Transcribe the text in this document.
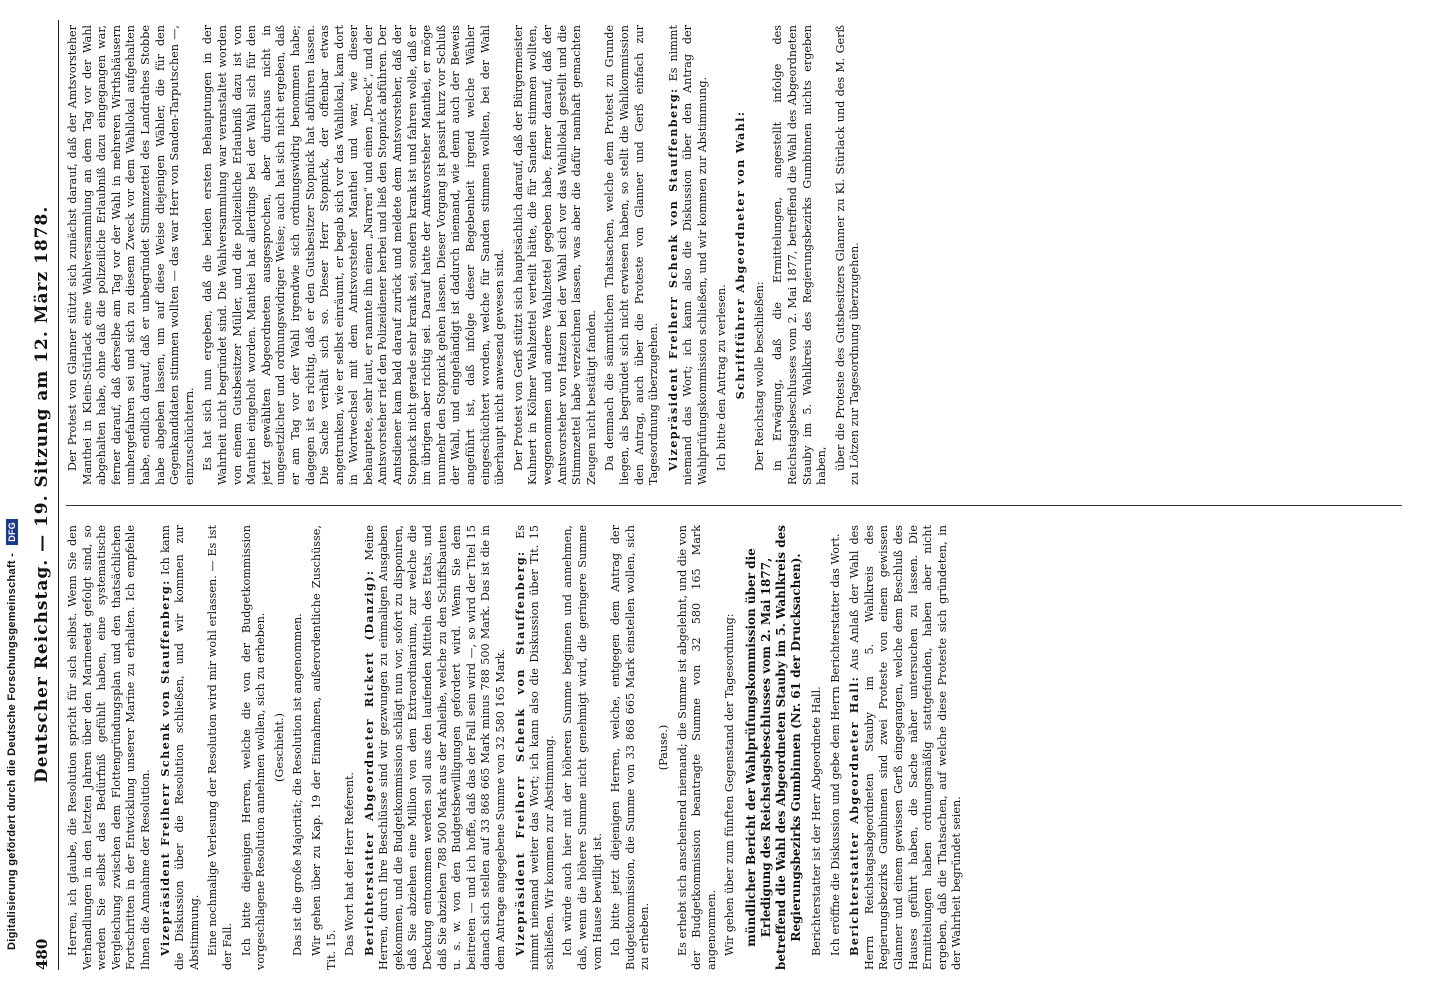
Digitalisierung gefördert durch die Deutsche Forschungsgemeinschaft -
DFG
480
Deutscher Reichstag. — 19. Sitzung am 12. März 1878. Herren, ich glaube, die Resolution spricht für sich selbst. Wenn Sie den Verhandlungen in den letzten Jahren über den Marineetat gefolgt sind, so werden Sie selbst das Bedürfniß gefühlt haben, eine systematische Vergleichung zwischen dem Flottengründungsplan und den thatsächlichen Fortschritten in der Entwicklung unserer Marine zu erhalten. Ich empfehle Ihnen die Annahme der Resolution. Vizepräsident Freiherr Schenk von Stauffenberg: Ich kann die Diskussion über die Resolution schließen, und wir kommen zur Abstimmung. Eine nochmalige Verlesung der Resolution wird mir wohl erlassen. — Es ist der Fall. Ich bitte diejenigen Herren, welche die von der Budgetkommission vorgeschlagene Resolution annehmen wollen, sich zu erheben. (Geschieht.) Das ist die große Majorität; die Resolution ist angenommen. Wir gehen über zu Kap. 19 der Einnahmen, außerordentliche Zuschüsse, Tit. 15. Das Wort hat der Herr Referent. Berichterstatter Abgeordneter Rickert (Danzig): Meine Herren, durch Ihre Beschlüsse sind wir gezwungen zu einmaligen Ausgaben gekommen, und die Budgetkommission schlägt nun vor, sofort zu disponiren, daß Sie abziehen eine Million von dem Extraordinarium, zur welche die Deckung entnommen werden soll aus den laufenden Mitteln des Etats, und daß Sie abziehen 788 500 Mark aus der Anleihe, welche zu den Schiffsbauten u. s. w. von den Budgetsbewilligungen gefordert wird. Wenn Sie dem beitreten — und ich hoffe, daß das der Fall sein wird —, so wird der Titel 15 danach sich stellen auf 33 868 665 Mark minus 788 500 Mark. Das ist die in dem Antrage angegebene Summe von 32 580 165 Mark. Vizepräsident Freiherr Schenk von Stauffenberg: Es nimmt niemand weiter das Wort; ich kann also die Diskussion über Tit. 15 schließen. Wir kommen zur Abstimmung. Ich würde auch hier mit der höheren Summe beginnen und annehmen, daß, wenn die höhere Summe nicht genehmigt wird, die geringere Summe vom Hause bewilligt ist. Ich bitte jetzt diejenigen Herren, welche, entgegen dem Antrag der Budgetkommission, die Summe von 33 868 665 Mark einstellen wollen, sich zu erheben.

(Pause.) Es erhebt sich anscheinend niemand; die Summe ist abgelehnt, und die von der Budgetkommission beantragte Summe von 32 580 165 Mark angenommen. Wir gehen über zum fünften Gegenstand der Tagesordnung: mündlicher Bericht der Wahlprüfungskommission über die Erledigung des Reichstagsbeschlusses vom 2. Mai 1877, betreffend die Wahl des Abgeordneten Stauby im 5. Wahlkreis des Regierungsbezirks Gumbinnen (Nr. 61 der Drucksachen). Berichterstatter ist der Herr Abgeordnete Hall. Ich eröffne die Diskussion und gebe dem Herrn Berichterstatter das Wort. Berichterstatter Abgeordneter Hall: Aus Anlaß der Wahl des Herrn Reichstagsabgeordneten Stauby im 5. Wahlkreis des Regierungsbezirks Gumbinnen sind zwei Proteste von einem gewissen Glanner und einem gewissen Gerß eingegangen, welche dem Beschluß des Hauses geführt haben, die Sache näher untersuchen zu lassen. Die Ermittelungen haben ordnungsmäßig stattgefunden, haben aber nicht ergeben, daß die Thatsachen, auf welche diese Proteste sich gründeten, in der Wahrheit begründet seien.

Der Protest von Glanner stützt sich zunächst darauf, daß der Amtsvorsteher Manthei in Klein-Stürlack eine Wahlversammlung an dem Tag vor der Wahl abgehalten habe, ohne daß die polizeiliche Erlaubniß dazu eingegangen war, ferner darauf, daß derselbe am Tag vor der Wahl in mehreren Wirthshäusern umhergefahren sei und sich zu diesem Zweck vor dem Wahllokal aufgehalten habe, endlich darauf, daß er unbegründet Stimmzettel des Landrathes Stobbe habe abgeben lassen, um auf diese Weise diejenigen Wähler, die für den Gegenkandidaten stimmen wollten — das war Herr von Sanden-Tarputschen —, einzuschüchtern. Es hat sich nun ergeben, daß die beiden ersten Behauptungen in der Wahrheit nicht begründet sind. Die Wahlversammlung war veranstaltet worden von einem Gutsbesitzer Müller, und die polizeiliche Erlaubniß dazu ist von Manthei eingeholt worden. Manthei hat allerdings bei der Wahl sich für den jetzt gewählten Abgeordneten ausgesprochen, aber durchaus nicht in ungesetzlicher und ordnungswidriger Weise; auch hat sich nicht ergeben, daß er am Tag vor der Wahl irgendwie sich ordnungswidrig benommen habe; dagegen ist es richtig, daß er den Gutsbesitzer Stopnick hat abführen lassen. Die Sache verhält sich so. Dieser Herr Stopnick, der offenbar etwas angetrunken, wie er selbst einräumt, er begab sich vor das Wahllokal, kam dort in Wortwechsel mit dem Amtsvorsteher Manthei und war, wie dieser behauptete, sehr laut, er nannte ihn einen „Narren“ und einen „Dreck“, und der Amtsvorsteher rief den Polizeidiener herbei und ließ den Stopnick abführen. Der Amtsdiener kam bald darauf zurück und meldete dem Amtsvorsteher, daß der Stopnick nicht gerade sehr krank sei, sondern krank ist und fahren wolle, daß er im übrigen aber richtig sei. Darauf hatte der Amtsvorsteher Manthei, er möge nunmehr den Stopnick gehen lassen. Dieser Vorgang ist passirt kurz vor Schluß der Wahl, und eingehändigt ist dadurch niemand, wie denn auch der Beweis angeführt ist, daß infolge dieser Begebenheit irgend welche Wähler eingeschüchtert worden, welche für Sanden stimmen wollten, bei der Wahl überhaupt nicht anwesend gewesen sind. Der Protest von Gerß stützt sich hauptsächlich darauf, daß der Bürgermeister Kuhnert in Kölmer Wahlzettel verteilt hätte, die für Sanden stimmen wollten, weggenommen und andere Wahlzettel gegeben habe, ferner darauf, daß der Amtsvorsteher von Hatzen bei der Wahl sich vor das Wahllokal gestellt und die Stimmzettel habe verzeichnen lassen, was aber die dafür namhaft gemachten Zeugen nicht bestätigt fanden. Da demnach die sämmtlichen Thatsachen, welche dem Protest zu Grunde liegen, als begründet sich nicht erwiesen haben, so stellt die Wahlkommission den Antrag, auch über die Proteste von Glanner und Gerß einfach zur Tagesordnung überzugehen. Vizepräsident Freiherr Schenk von Stauffenberg: Es nimmt niemand das Wort; ich kann also die Diskussion über den Antrag der Wahlprüfungskommission schließen, und wir kommen zur Abstimmung. Ich bitte den Antrag zu verlesen. Schriftführer Abgeordneter von Wahl: Der Reichstag wolle beschließen: in Erwägung, daß die Ermittelungen, angestellt infolge des Reichstagsbeschlusses vom 2. Mai 1877, betreffend die Wahl des Abgeordneten Stauby im 5. Wahlkreis des Regierungsbezirks Gumbinnen nichts ergeben haben, über die Proteste des Gutsbesitzers Glanner zu Kl. Stürlack und des M. Gerß zu Lötzen zur Tagesordnung überzugehen.
